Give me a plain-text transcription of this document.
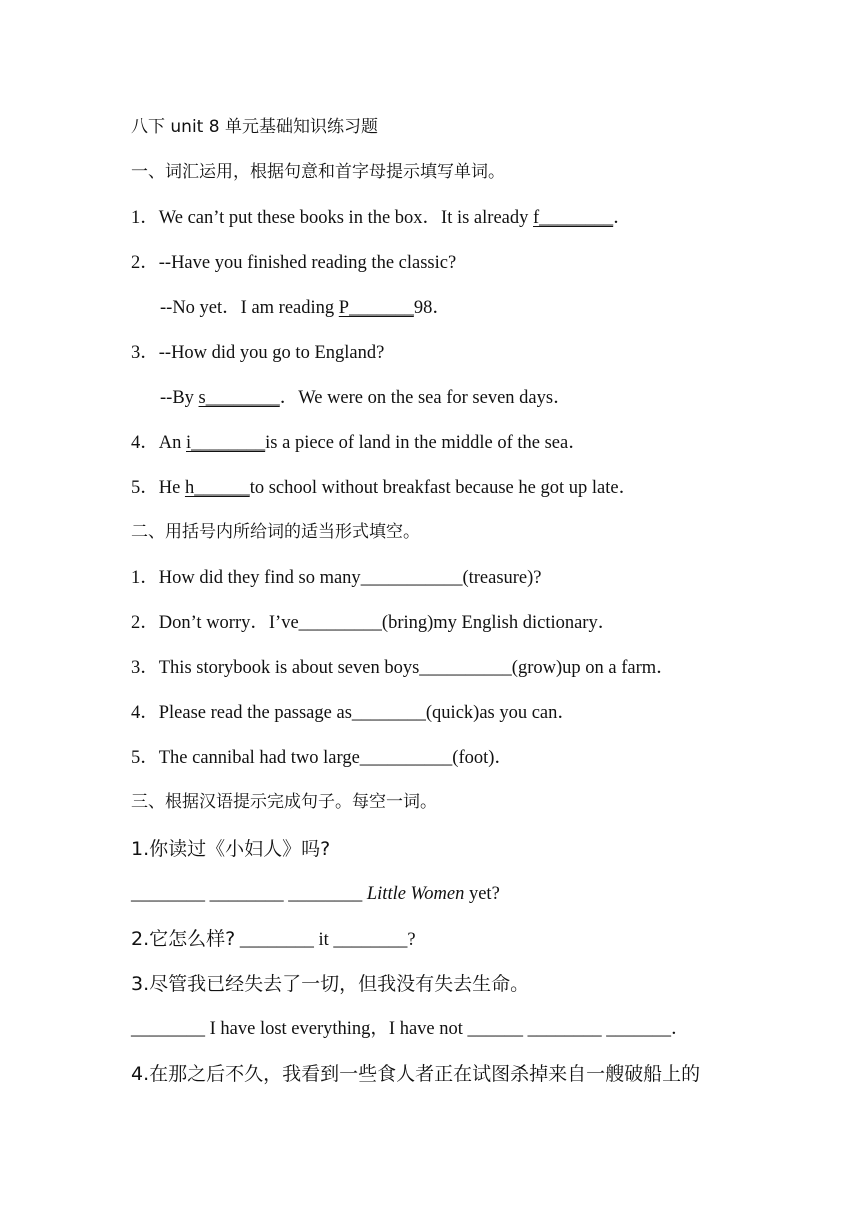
八下 unit 8 单元基础知识练习题
一、词汇运用，根据句意和首字母提示填写单词。
1．We can’t put these books in the box．It is already f________．
2．--Have you finished reading the classic?
--No yet．I am reading P_______98．
3．--How did you go to England?
--By s________．We were on the sea for seven days．
4．An i________is a piece of land in the middle of the sea．
5．He h______to school without breakfast because he got up late．
二、用括号内所给词的适当形式填空。
1．How did they find so many___________(treasure)?
2．Don’t worry．I’ve_________(bring)my English dictionary．
3．This storybook is about seven boys__________(grow)up on a farm．
4．Please read the passage as________(quick)as you can．
5．The cannibal had two large__________(foot)．
三、根据汉语提示完成句子。每空一词。
1.你读过《小妇人》吗?
________ ________ ________ Little Women yet?
2.它怎么样? ________ it ________?
3.尽管我已经失去了一切，但我没有失去生命。
________ I have lost everything，I have not ______ ________ _______．
4.在那之后不久，我看到一些食人者正在试图杀掉来自一艘破船上的
